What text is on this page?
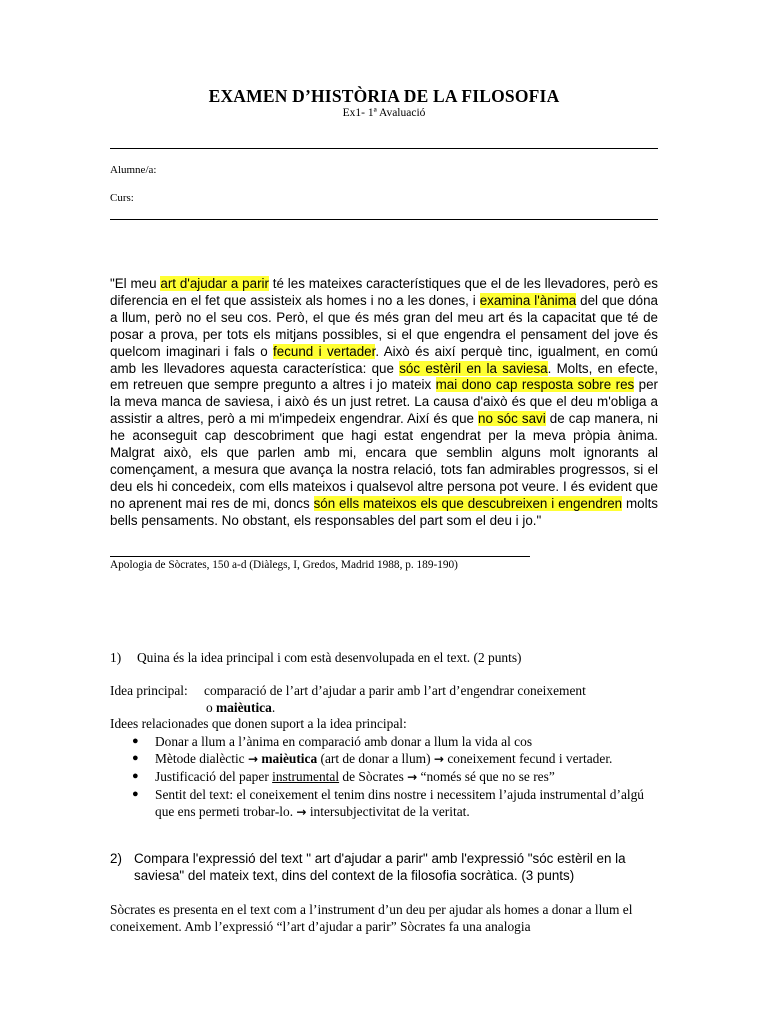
EXAMEN D’HISTÒRIA DE LA FILOSOFIA
Ex1- 1ª Avaluació
Alumne/a:
Curs:
"El meu art d'ajudar a parir té les mateixes característiques que el de les llevadores, però es diferencia en el fet que assisteix als homes i no a les dones, i examina l'ànima del que dóna a llum, però no el seu cos. Però, el que és més gran del meu art és la capacitat que té de posar a prova, per tots els mitjans possibles, si el que engendra el pensament del jove és quelcom imaginari i fals o fecund i vertader. Això és així perquè tinc, igualment, en comú amb les llevadores aquesta característica: que sóc estèril en la saviesa. Molts, en efecte, em retreuen que sempre pregunto a altres i jo mateix mai dono cap resposta sobre res per la meva manca de saviesa, i això és un just retret. La causa d'això és que el deu m'obliga a assistir a altres, però a mi m'impedeix engendrar. Així és que no sóc savi de cap manera, ni he aconseguit cap descobriment que hagi estat engendrat per la meva pròpia ànima. Malgrat això, els que parlen amb mi, encara que semblin alguns molt ignorants al començament, a mesura que avança la nostra relació, tots fan admirables progressos, si el deu els hi concedeix, com ells mateixos i qualsevol altre persona pot veure. I és evident que no aprenent mai res de mi, doncs són ells mateixos els que descubreixen i engendren molts bells pensaments. No obstant, els responsables del part som el deu i jo."
Apologia de Sòcrates, 150 a-d (Diàlegs, I, Gredos, Madrid 1988, p. 189-190)
1) Quina és la idea principal i com està desenvolupada en el text. (2 punts)
Idea principal: comparació de l’art d’ajudar a parir amb l’art d’engendrar coneixement
o maièutica.
Idees relacionades que donen suport a la idea principal:
● Donar a llum a l’ànima en comparació amb donar a llum la vida al cos
● Mètode dialèctic → maièutica (art de donar a llum) → coneixement fecund i vertader.
● Justificació del paper instrumental de Sòcrates → “només sé que no se res”
● Sentit del text: el coneixement el tenim dins nostre i necessitem l’ajuda instrumental d’algú que ens permeti trobar-lo. → intersubjectivitat de la veritat.
2) Compara l'expressió del text " art d'ajudar a parir" amb l'expressió "sóc estèril en la saviesa" del mateix text, dins del context de la filosofia socràtica. (3 punts)
Sòcrates es presenta en el text com a l’instrument d’un deu per ajudar als homes a donar a llum el coneixement. Amb l’expressió “l’art d’ajudar a parir” Sòcrates fa una analogia
